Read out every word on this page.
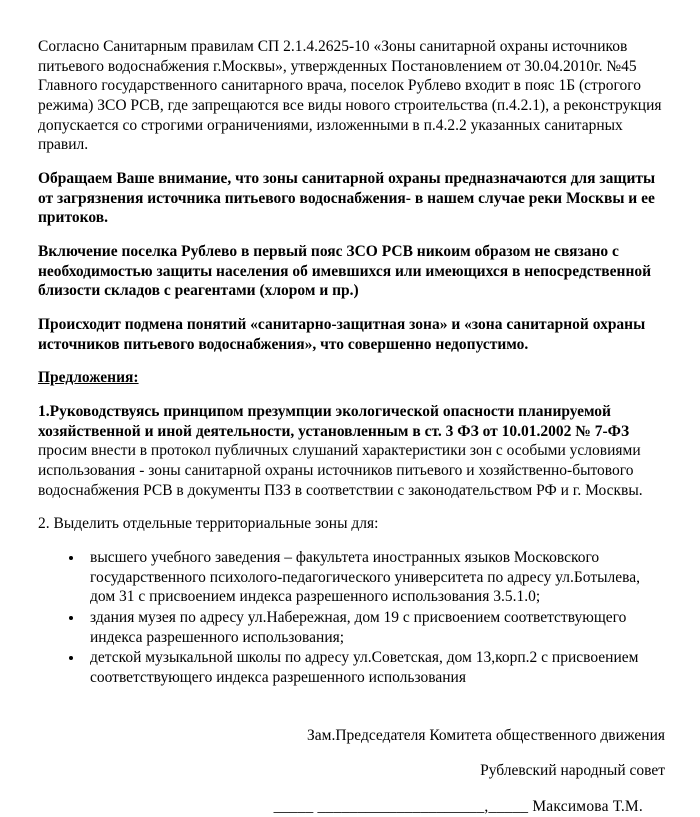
Согласно Санитарным правилам СП 2.1.4.2625-10 «Зоны санитарной охраны источников питьевого водоснабжения г.Москвы», утвержденных Постановлением от 30.04.2010г. №45 Главного государственного санитарного врача, поселок Рублево входит в пояс 1Б (строгого режима) ЗСО РСВ, где запрещаются все виды нового строительства (п.4.2.1), а реконструкция допускается со строгими ограничениями, изложенными в п.4.2.2 указанных санитарных правил.

Обращаем Ваше внимание, что зоны санитарной охраны предназначаются для защиты от загрязнения источника питьевого водоснабжения- в нашем случае реки Москвы и ее притоков.

Включение поселка Рублево в первый пояс ЗСО РСВ никоим образом не связано с необходимостью защиты населения об имевшихся или имеющихся в непосредственной близости складов с реагентами (хлором и пр.)

Происходит подмена понятий «санитарно-защитная зона» и «зона санитарной охраны источников питьевого водоснабжения», что совершенно недопустимо.

Предложения:

1.Руководствуясь принципом презумпции экологической опасности планируемой хозяйственной и иной деятельности, установленным в ст. 3 ФЗ от 10.01.2002 № 7-ФЗ просим внести в протокол публичных слушаний характеристики зон с особыми условиями использования - зоны санитарной охраны источников питьевого и хозяйственно-бытового водоснабжения РСВ в документы ПЗЗ в соответствии с законодательством РФ и г. Москвы.

2. Выделить отдельные территориальные зоны для:

• высшего учебного заведения – факультета иностранных языков Московского государственного психолого-педагогического университета по адресу ул.Ботылева, дом 31 с присвоением индекса разрешенного использования 3.5.1.0;
• здания музея по адресу ул.Набережная, дом 19 с присвоением соответствующего индекса разрешенного использования;
• детской музыкальной школы по адресу ул.Советская, дом 13,корп.2 с присвоением соответствующего индекса разрешенного использования
Зам.Председателя Комитета общественного движения
Рублевский народный совет
_____ _____________________,_____ Максимова Т.М.
